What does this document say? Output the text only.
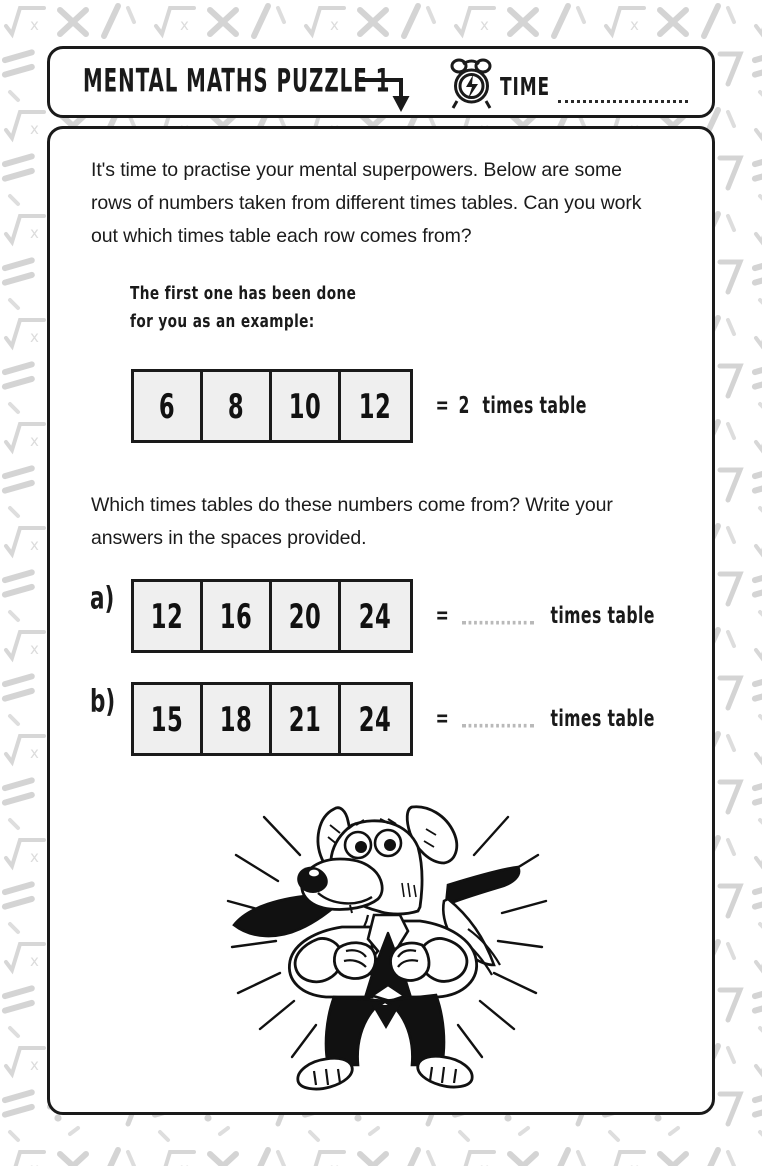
MENTAL MATHS PUZZLE 1	TIME
It's time to practise your mental superpowers. Below are some rows of numbers taken from different times tables. Can you work out which times table each row comes from?
The first one has been done
for you as an example:
6 8 10 12 = 2 times table
Which times tables do these numbers come from? Write your answers in the spaces provided.
a) 12 16 20 24 =	times table
b) 15 18 21 24 =	times table
